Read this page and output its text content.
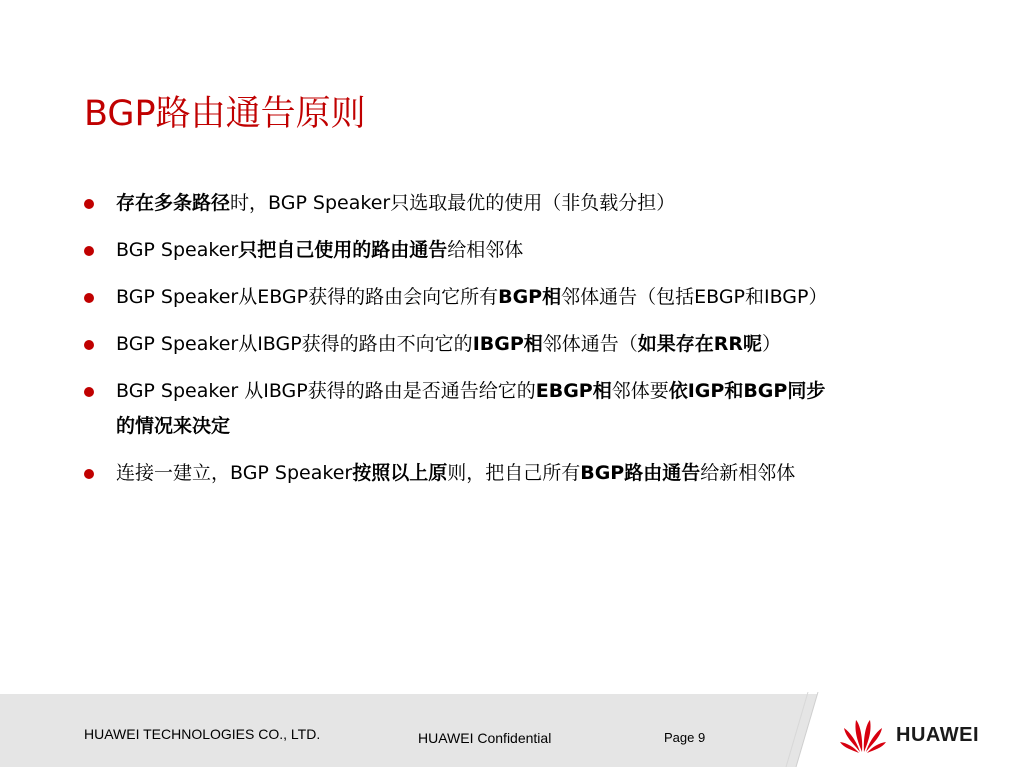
BGP路由通告原则
存在多条路径时，BGP Speaker只选取最优的使用（非负载分担）
BGP Speaker只把自己使用的路由通告给相邻体
BGP Speaker从EBGP获得的路由会向它所有BGP相邻体通告（包括EBGP和IBGP）
BGP Speaker从IBGP获得的路由不向它的IBGP相邻体通告（如果存在RR呢）
BGP Speaker 从IBGP获得的路由是否通告给它的EBGP相邻体要依IGP和BGP同步的情况来决定
连接一建立，BGP Speaker按照以上原则，把自己所有BGP路由通告给新相邻体
HUAWEI TECHNOLOGIES CO., LTD.	HUAWEI Confidential	Page 9	HUAWEI
